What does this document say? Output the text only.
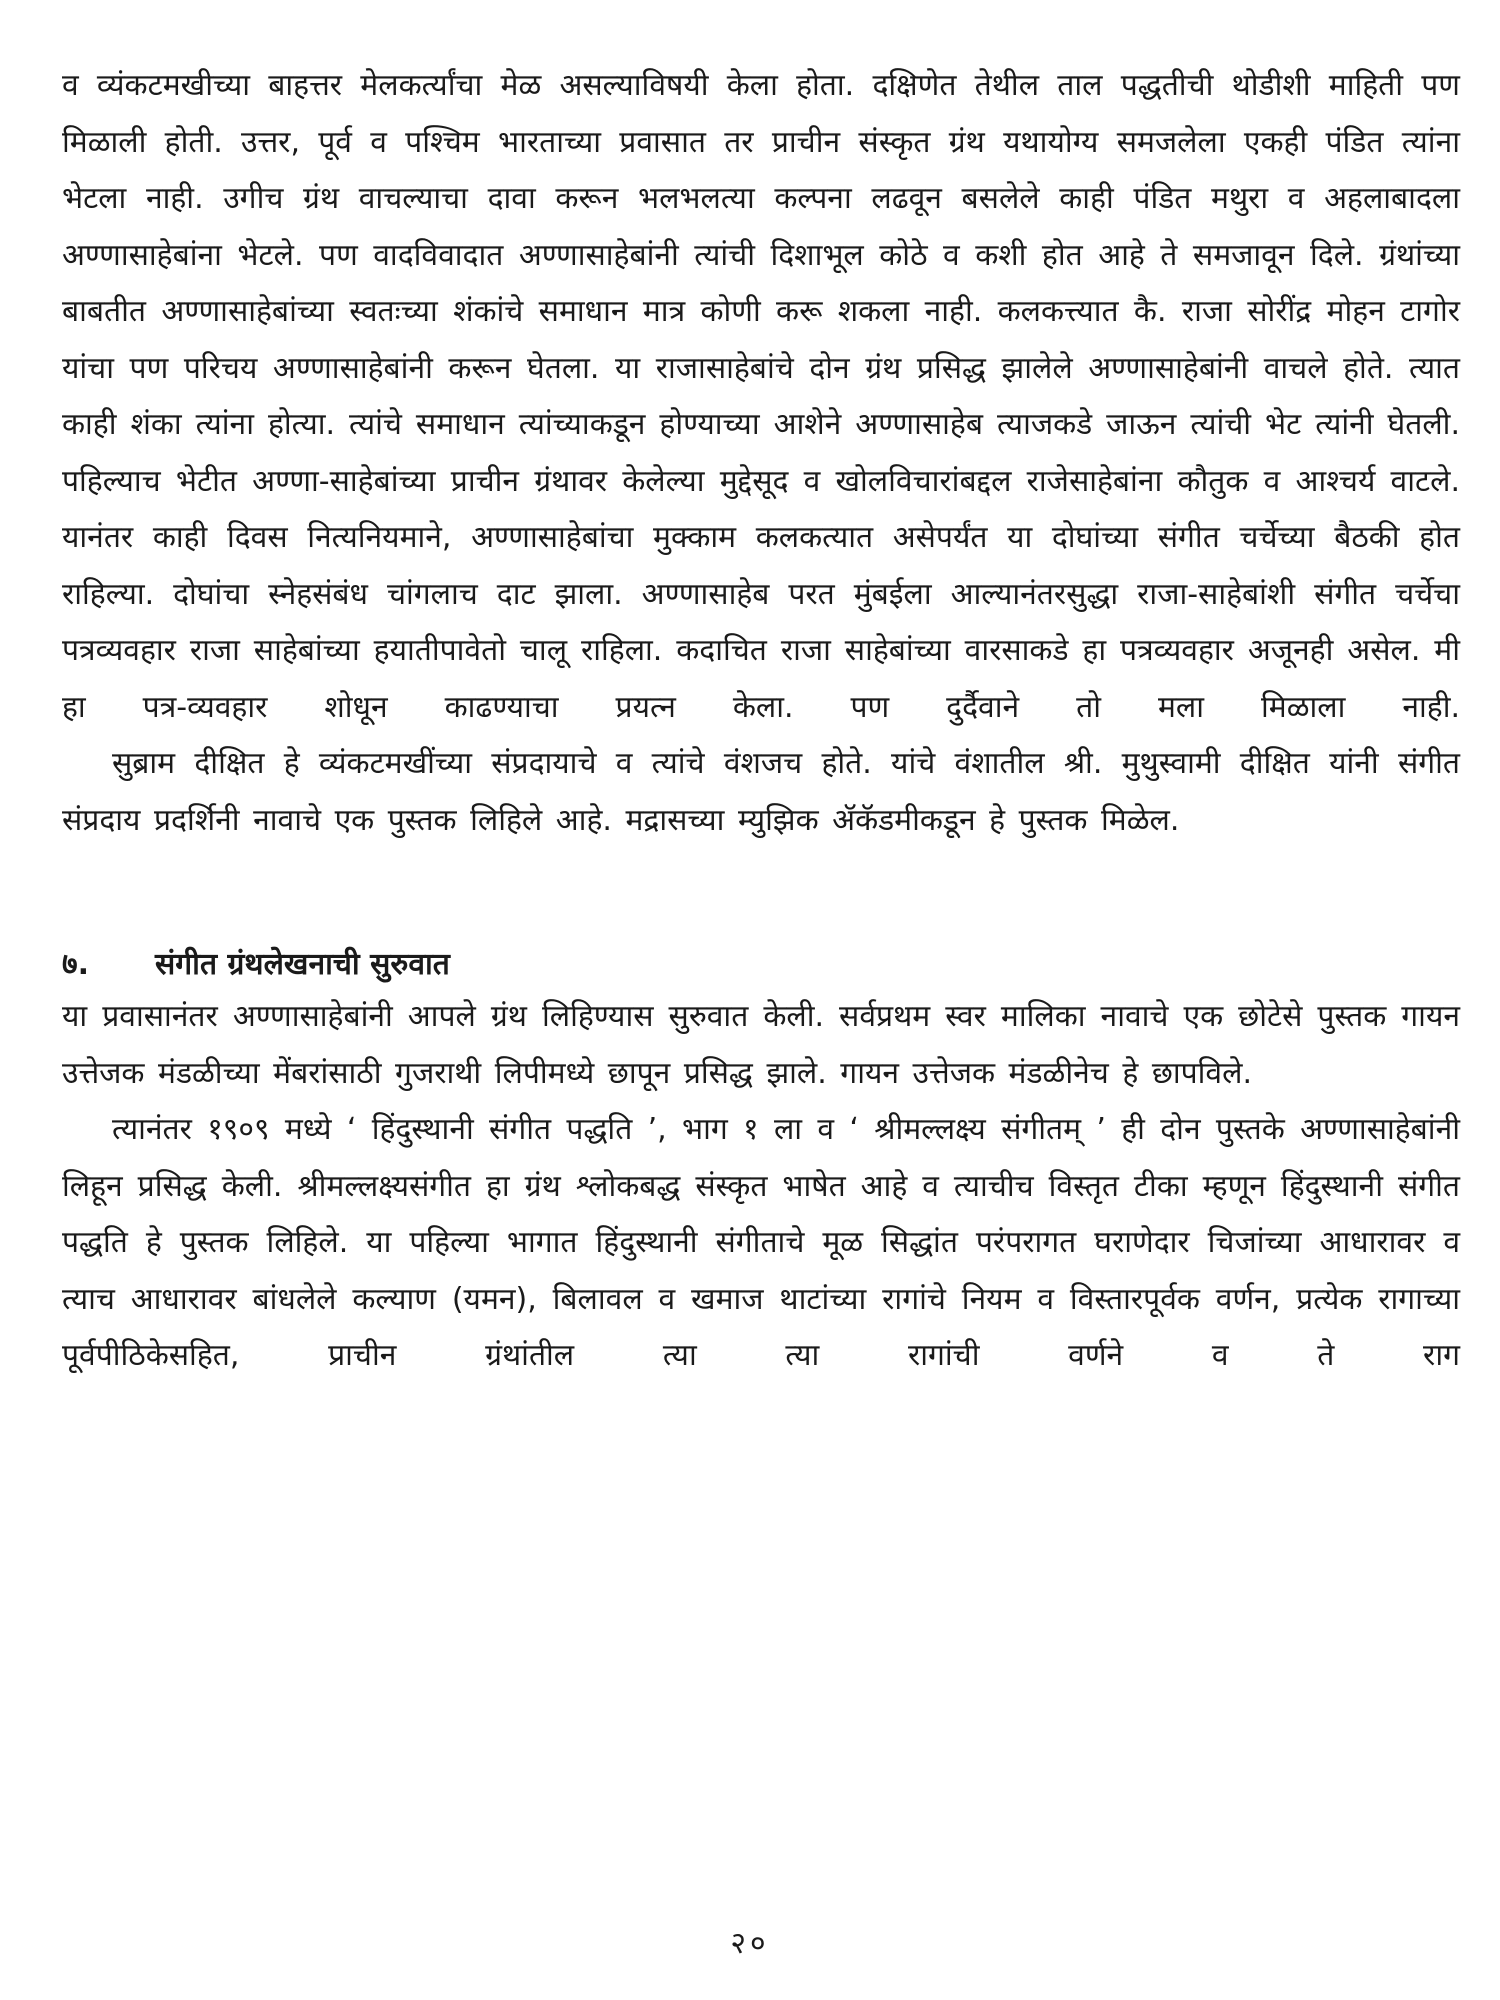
व व्यंकटमखीच्या बाहत्तर मेलकर्त्यांचा मेळ असल्याविषयी केला होता. दक्षिणेत तेथील ताल पद्धतीची थोडीशी माहिती पण मिळाली होती. उत्तर, पूर्व व पश्चिम भारताच्या प्रवासात तर प्राचीन संस्कृत ग्रंथ यथायोग्य समजलेला एकही पंडित त्यांना भेटला नाही. उगीच ग्रंथ वाचल्याचा दावा करून भलभलत्या कल्पना लढवून बसलेले काही पंडित मथुरा व अहलाबादला अण्णासाहेबांना भेटले. पण वादविवादात अण्णासाहेबांनी त्यांची दिशाभूल कोठे व कशी होत आहे ते समजावून दिले. ग्रंथांच्या बाबतीत अण्णासाहेबांच्या स्वतःच्या शंकांचे समाधान मात्र कोणी करू शकला नाही. कलकत्त्यात कै. राजा सोरींद्र मोहन टागोर यांचा पण परिचय अण्णासाहेबांनी करून घेतला. या राजासाहेबांचे दोन ग्रंथ प्रसिद्ध झालेले अण्णासाहेबांनी वाचले होते. त्यात काही शंका त्यांना होत्या. त्यांचे समाधान त्यांच्याकडून होण्याच्या आशेने अण्णासाहेब त्याजकडे जाऊन त्यांची भेट त्यांनी घेतली. पहिल्याच भेटीत अण्णा-साहेबांच्या प्राचीन ग्रंथावर केलेल्या मुद्देसूद व खोलविचारांबद्दल राजेसाहेबांना कौतुक व आश्चर्य वाटले. यानंतर काही दिवस नित्यनियमाने, अण्णासाहेबांचा मुक्काम कलकत्यात असेपर्यंत या दोघांच्या संगीत चर्चेच्या बैठकी होत राहिल्या. दोघांचा स्नेहसंबंध चांगलाच दाट झाला. अण्णासाहेब परत मुंबईला आल्यानंतरसुद्धा राजा-साहेबांशी संगीत चर्चेचा पत्रव्यवहार राजा साहेबांच्या हयातीपावेतो चालू राहिला. कदाचित राजा साहेबांच्या वारसाकडे हा पत्रव्यवहार अजूनही असेल. मी हा पत्र-व्यवहार शोधून काढण्याचा प्रयत्न केला. पण दुर्दैवाने तो मला मिळाला नाही.

सुब्राम दीक्षित हे व्यंकटमखींच्या संप्रदायाचे व त्यांचे वंशजच होते. यांचे वंशातील श्री. मुथुस्वामी दीक्षित यांनी संगीत संप्रदाय प्रदर्शिनी नावाचे एक पुस्तक लिहिले आहे. मद्रासच्या म्युझिक ॲकॅडमीकडून हे पुस्तक मिळेल.

७. संगीत ग्रंथलेखनाची सुरुवात

या प्रवासानंतर अण्णासाहेबांनी आपले ग्रंथ लिहिण्यास सुरुवात केली. सर्वप्रथम स्वर मालिका नावाचे एक छोटेसे पुस्तक गायन उत्तेजक मंडळीच्या मेंबरांसाठी गुजराथी लिपीमध्ये छापून प्रसिद्ध झाले. गायन उत्तेजक मंडळीनेच हे छापविले.

त्यानंतर १९०९ मध्ये ‘ हिंदुस्थानी संगीत पद्धति ’, भाग १ ला व ‘ श्रीमल्लक्ष्य संगीतम् ’ ही दोन पुस्तके अण्णासाहेबांनी लिहून प्रसिद्ध केली. श्रीमल्लक्ष्यसंगीत हा ग्रंथ श्लोकबद्ध संस्कृत भाषेत आहे व त्याचीच विस्तृत टीका म्हणून हिंदुस्थानी संगीत पद्धति हे पुस्तक लिहिले. या पहिल्या भागात हिंदुस्थानी संगीताचे मूळ सिद्धांत परंपरागत घराणेदार चिजांच्या आधारावर व त्याच आधारावर बांधलेले कल्याण (यमन), बिलावल व खमाज थाटांच्या रागांचे नियम व विस्तारपूर्वक वर्णन, प्रत्येक रागाच्या पूर्वपीठिकेसहित, प्राचीन ग्रंथांतील त्या त्या रागांची वर्णने व ते राग

२०
